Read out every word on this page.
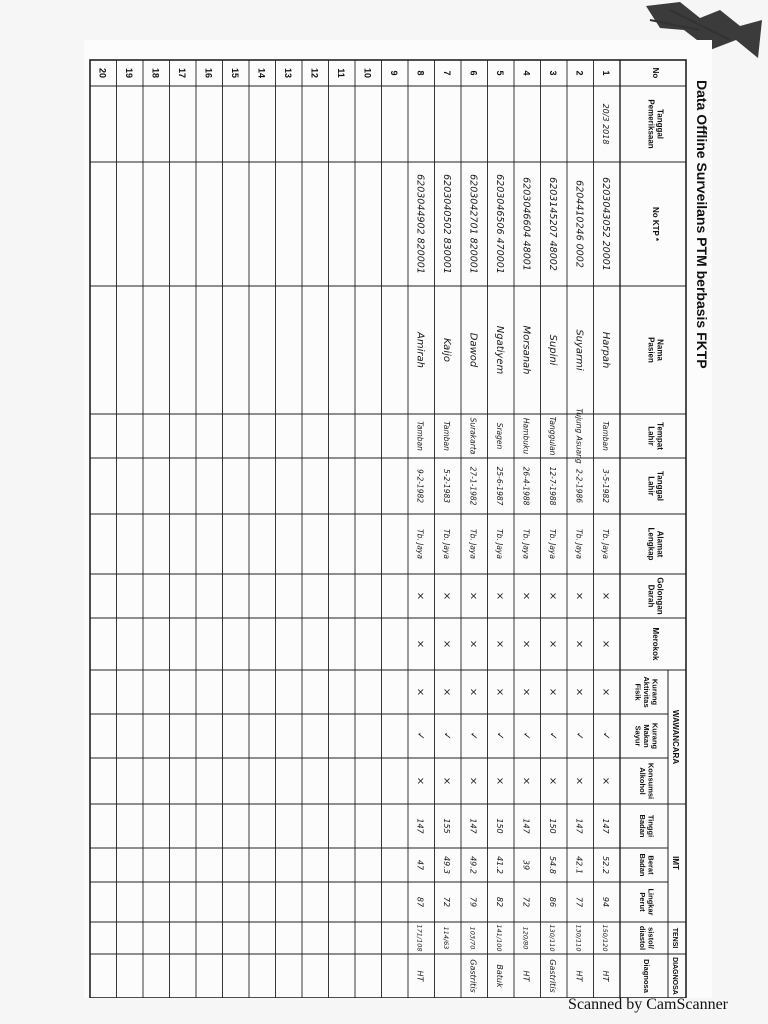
Data Offline Surveilans PTM berbasis FKTP
No
TanggalPemeriksaan
No KTP *
NamaPasien
TempatLahir
TanggalLahir
AlamatLengkap
GolonganDarah
Merokok
KurangAktivitasFisik
KurangMakanSayur
KonsumsiAlkohol
TinggiBadan
BeratBadan
LingkarPerut
sistol/diastol
Diagnosa
WAWANCARA
IMT
TENSI
DIAGNOSA
1
2
3
4
5
6
7
8
9
10
11
12
13
14
15
16
17
18
19
20
20/3 2018
6203043052 20001
Harpah
Tamban
3-5-1982
Tb. Jaya
×
×
×
✓
×
147
52.2
94
150/120
HT
6204410246 0002
Suyarmi
Tujung Asuang
2-2-1986
Tb. Jaya
×
×
×
✓
×
147
42.1
77
130/110
HT
6203145207 48002
Supini
Tanggulan
12-7-1988
Tb. Jaya
×
×
×
✓
×
150
54.8
86
130/110
Gastritis
6203046604 48001
Morsanah
Hambuku
26-4-1988
Tb. Jaya
×
×
×
✓
×
147
39
72
120/80
HT
6203046506 470001
Ngatiyem
Sragen
25-6-1987
Tb. Jaya
×
×
×
✓
×
150
41.2
82
141/100
Batuk
6203042701 820001
Dawod
Surakarta
27-1-1982
Tb. Jaya
×
×
×
✓
×
147
49.2
79
103/70
Gastritis
6203040502 830001
Kaijo
Tamban
5-2-1983
Tb. Jaya
×
×
×
✓
×
155
49.3
72
114/63
6203044902 820001
Amirah
Tamban
9-2-1982
Tb. Jaya
×
×
×
✓
×
147
47
87
171/108
HT
Scanned by CamScanner
